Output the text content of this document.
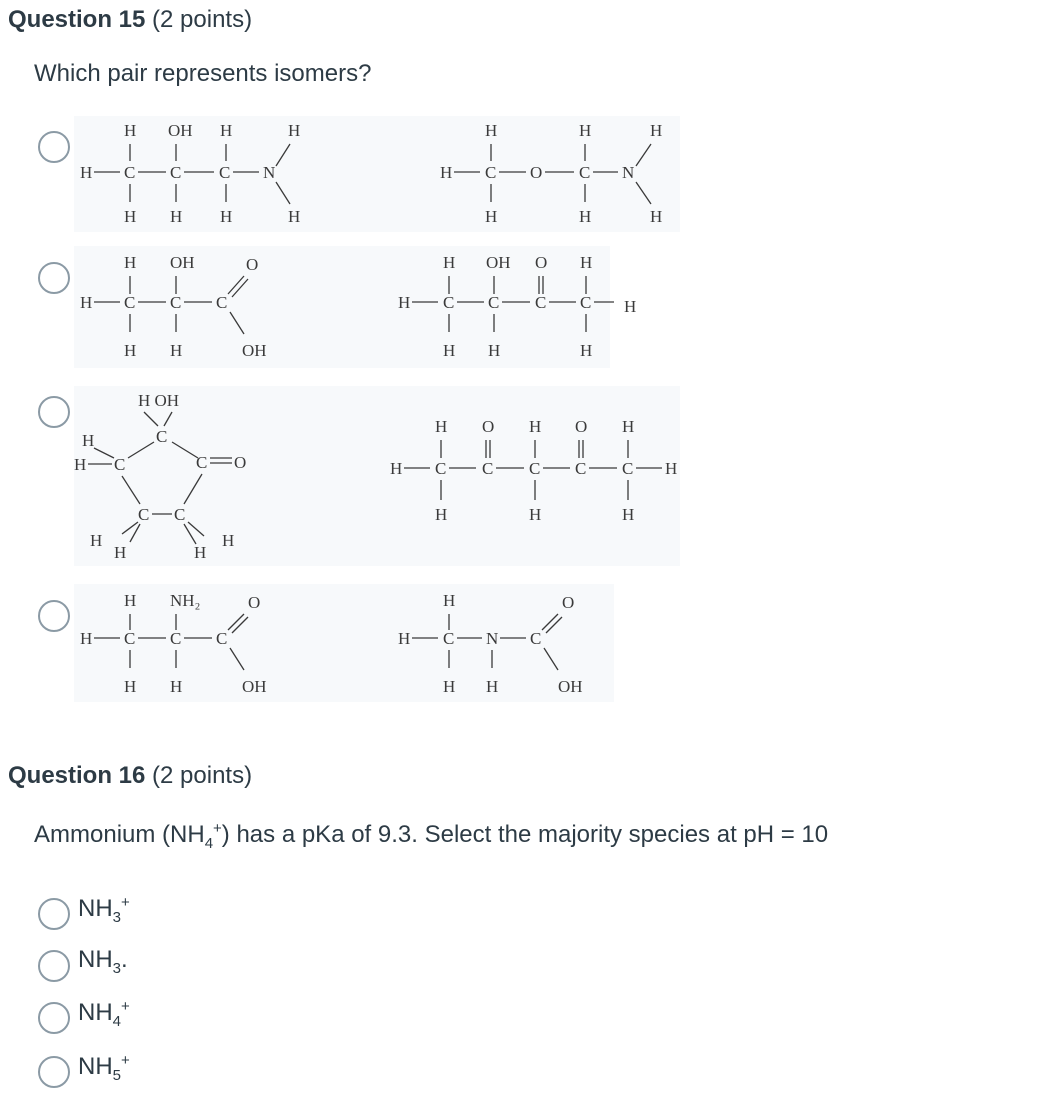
Question 15 (2 points)
Which pair represents isomers?
H OH H	H
H C C C N
H H H	H
H	H	H
H C O C N
H	H	H
H OH	O
H C C C
H H	OH
H OH O H
H C C C C
H H	H
H
H OH
C
H
H C	C O
C C
H
H
H
H
H O H O H
H C C C C C H
H	H	H
H NH₂	O
H C C C
H H	OH
H	O
H C N C
H H	OH
Question 16 (2 points)
Ammonium $(NH_4^+)$ has a pKa of 9.3. Select the majority species at pH = 10
$NH_3^+$
$NH_3$.
$NH_4^+$
$NH_5^+$
